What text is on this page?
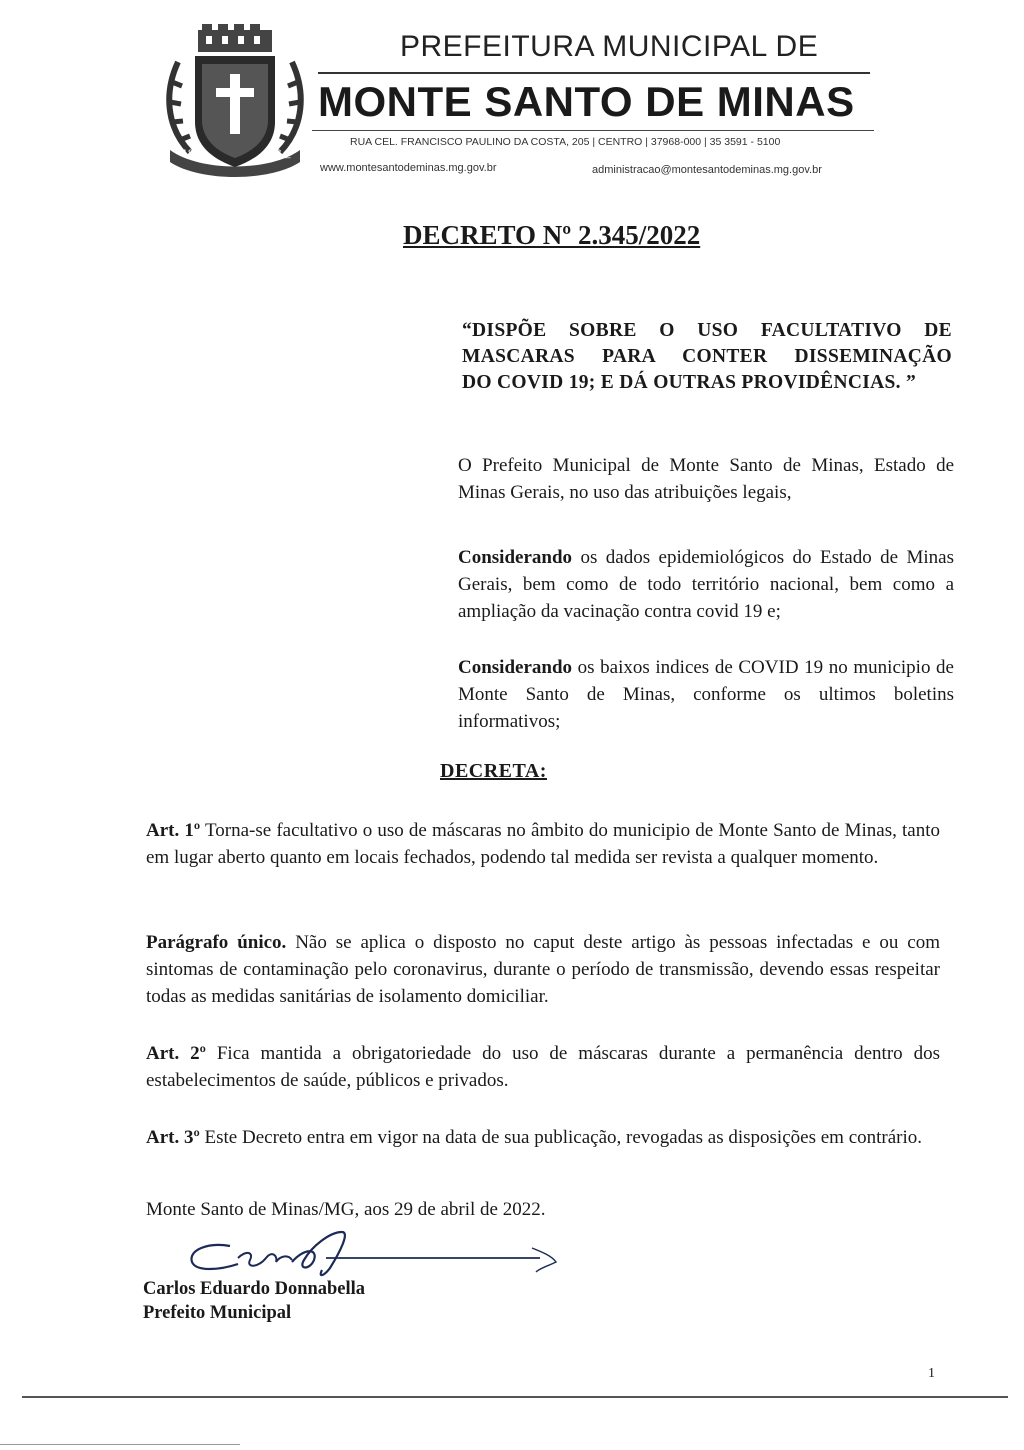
18__	18__
PREFEITURA MUNICIPAL DE
MONTE SANTO DE MINAS
RUA CEL. FRANCISCO PAULINO DA COSTA, 205 | CENTRO | 37968-000 | 35 3591 - 5100
www.montesantodeminas.mg.gov.br	administracao@montesantodeminas.mg.gov.br
DECRETO Nº 2.345/2022
“DISPÕE SOBRE O USO FACULTATIVO DE
MASCARAS PARA CONTER DISSEMINAÇÃO
DO COVID 19; E DÁ OUTRAS PROVIDÊNCIAS. ”
O Prefeito Municipal de Monte Santo de Minas, Estado de Minas Gerais, no uso das atribuições legais,
Considerando os dados epidemiológicos do Estado de Minas Gerais, bem como de todo território nacional, bem como a ampliação da vacinação contra covid 19 e;
Considerando os baixos indices de COVID 19 no municipio de Monte Santo de Minas, conforme os ultimos boletins informativos;
DECRETA:
Art. 1º Torna-se facultativo o uso de máscaras no âmbito do municipio de Monte Santo de Minas, tanto em lugar aberto quanto em locais fechados, podendo tal medida ser revista a qualquer momento.
Parágrafo único. Não se aplica o disposto no caput deste artigo às pessoas infectadas e ou com sintomas de contaminação pelo coronavirus, durante o período de transmissão, devendo essas respeitar todas as medidas sanitárias de isolamento domiciliar.
Art. 2º Fica mantida a obrigatoriedade do uso de máscaras durante a permanência dentro dos estabelecimentos de saúde, públicos e privados.
Art. 3º Este Decreto entra em vigor na data de sua publicação, revogadas as disposições em contrário.
Monte Santo de Minas/MG, aos 29 de abril de 2022.
Carlos Eduardo Donnabella
Prefeito Municipal
1
